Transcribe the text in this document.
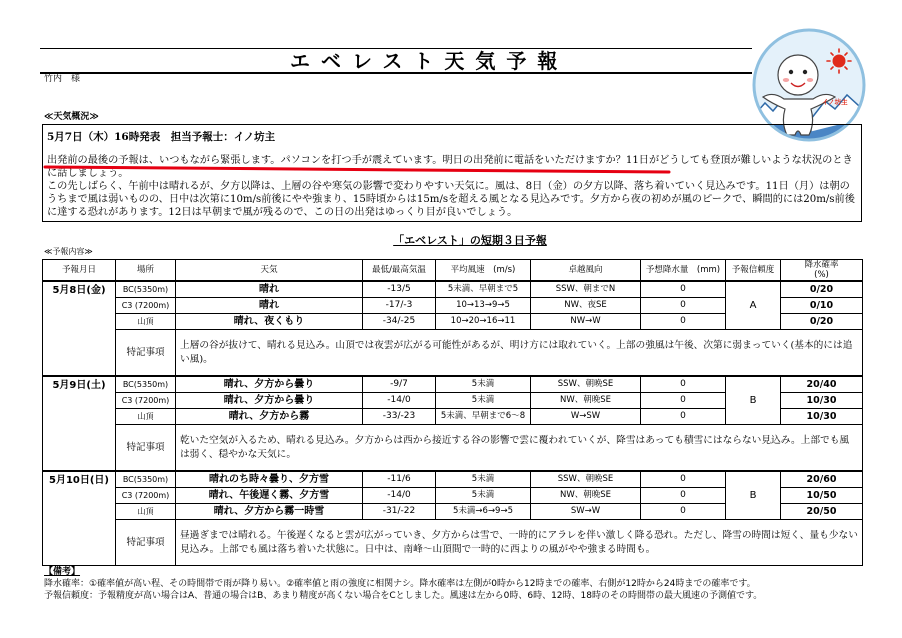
エベレスト天気予報
竹内　様
イノ坊主
≪天気概況≫
5月7日（木）16時発表　担当予報士：イノ坊主

出発前の最後の予報は、いつもながら緊張します。パソコンを打つ手が震えています。明日の出発前に電話をいただけますか？11日がどうしても登頂が難しいような状況のときに話しましょう。

この先しばらく、午前中は晴れるが、夕方以降は、上層の谷や寒気の影響で変わりやすい天気に。風は、8日（金）の夕方以降、落ち着いていく見込みです。11日（月）は朝のうちまで風は弱いものの、日中は次第に10m/s前後にやや強まり、15時頃からは15m/sを超える風となる見込みです。夕方から夜の初めが風のピークで、瞬間的には20m/s前後に達する恐れがあります。12日は早朝まで風が残るので、この日の出発はゆっくり目が良いでしょう。

「エベレスト」の短期３日予報
≪予報内容≫
予報月日	場所	天気	最低/最高気温	平均風速　(m/s)	卓越風向	予想降水量　(mm)	予報信頼度	降水確率
(%)

5月8日(金)	BC(5350m)	晴れ	-13/5	5未満、早朝まで5	SSW、朝までN	0	A	0/20
	C3 (7200m)	晴れ	-17/-3	10→13→9→5	NW、夜SE	0		0/10
	山頂	晴れ、夜くもり	-34/-25	10→20→16→11	NW→W	0		0/20
	特記事項	上層の谷が抜けて、晴れる見込み。山頂では夜雲が広がる可能性があるが、明け方には取れていく。上部の強風は午後、次第に弱まっていく(基本的には追い風)。						
5月9日(土)	BC(5350m)	晴れ、夕方から曇り	-9/7	5未満	SSW、朝晩SE	0	B	20/40
	C3 (7200m)	晴れ、夕方から曇り	-14/0	5未満	NW、朝晩SE	0		10/30
	山頂	晴れ、夕方から霧	-33/-23	5未満、早朝まで6～8	W→SW	0		10/30
	特記事項	乾いた空気が入るため、晴れる見込み。夕方からは西から接近する谷の影響で雲に覆われていくが、降雪はあっても積雪にはならない見込み。上部でも風は弱く、穏やかな天気に。						
5月10日(日)	BC(5350m)	晴れのち時々曇り、夕方雪	-11/6	5未満	SSW、朝晩SE	0	B	20/60
	C3 (7200m)	晴れ、午後遅く霧、夕方雪	-14/0	5未満	NW、朝晩SE	0		10/50
	山頂	晴れ、夕方から霧一時雪	-31/-22	5未満→6→9→5	SW→W	0		20/50
	特記事項	昼過ぎまでは晴れる。午後遅くなると雲が広がっていき、夕方からは雪で、一時的にアラレを伴い激しく降る恐れ。ただし、降雪の時間は短く、量も少ない見込み。上部でも風は落ち着いた状態に。日中は、南峰～山頂間で一時的に西よりの風がやや強まる時間も。						
【備考】
降水確率：①確率値が高い程、その時間帯で雨が降り易い。②確率値と雨の強度に相関ナシ。降水確率は左側が0時から12時までの確率、右側が12時から24時までの確率です。
予報信頼度：予報精度が高い場合はA、普通の場合はB、あまり精度が高くない場合をCとしました。風速は左から0時、6時、12時、18時のその時間帯の最大風速の予測値です。
